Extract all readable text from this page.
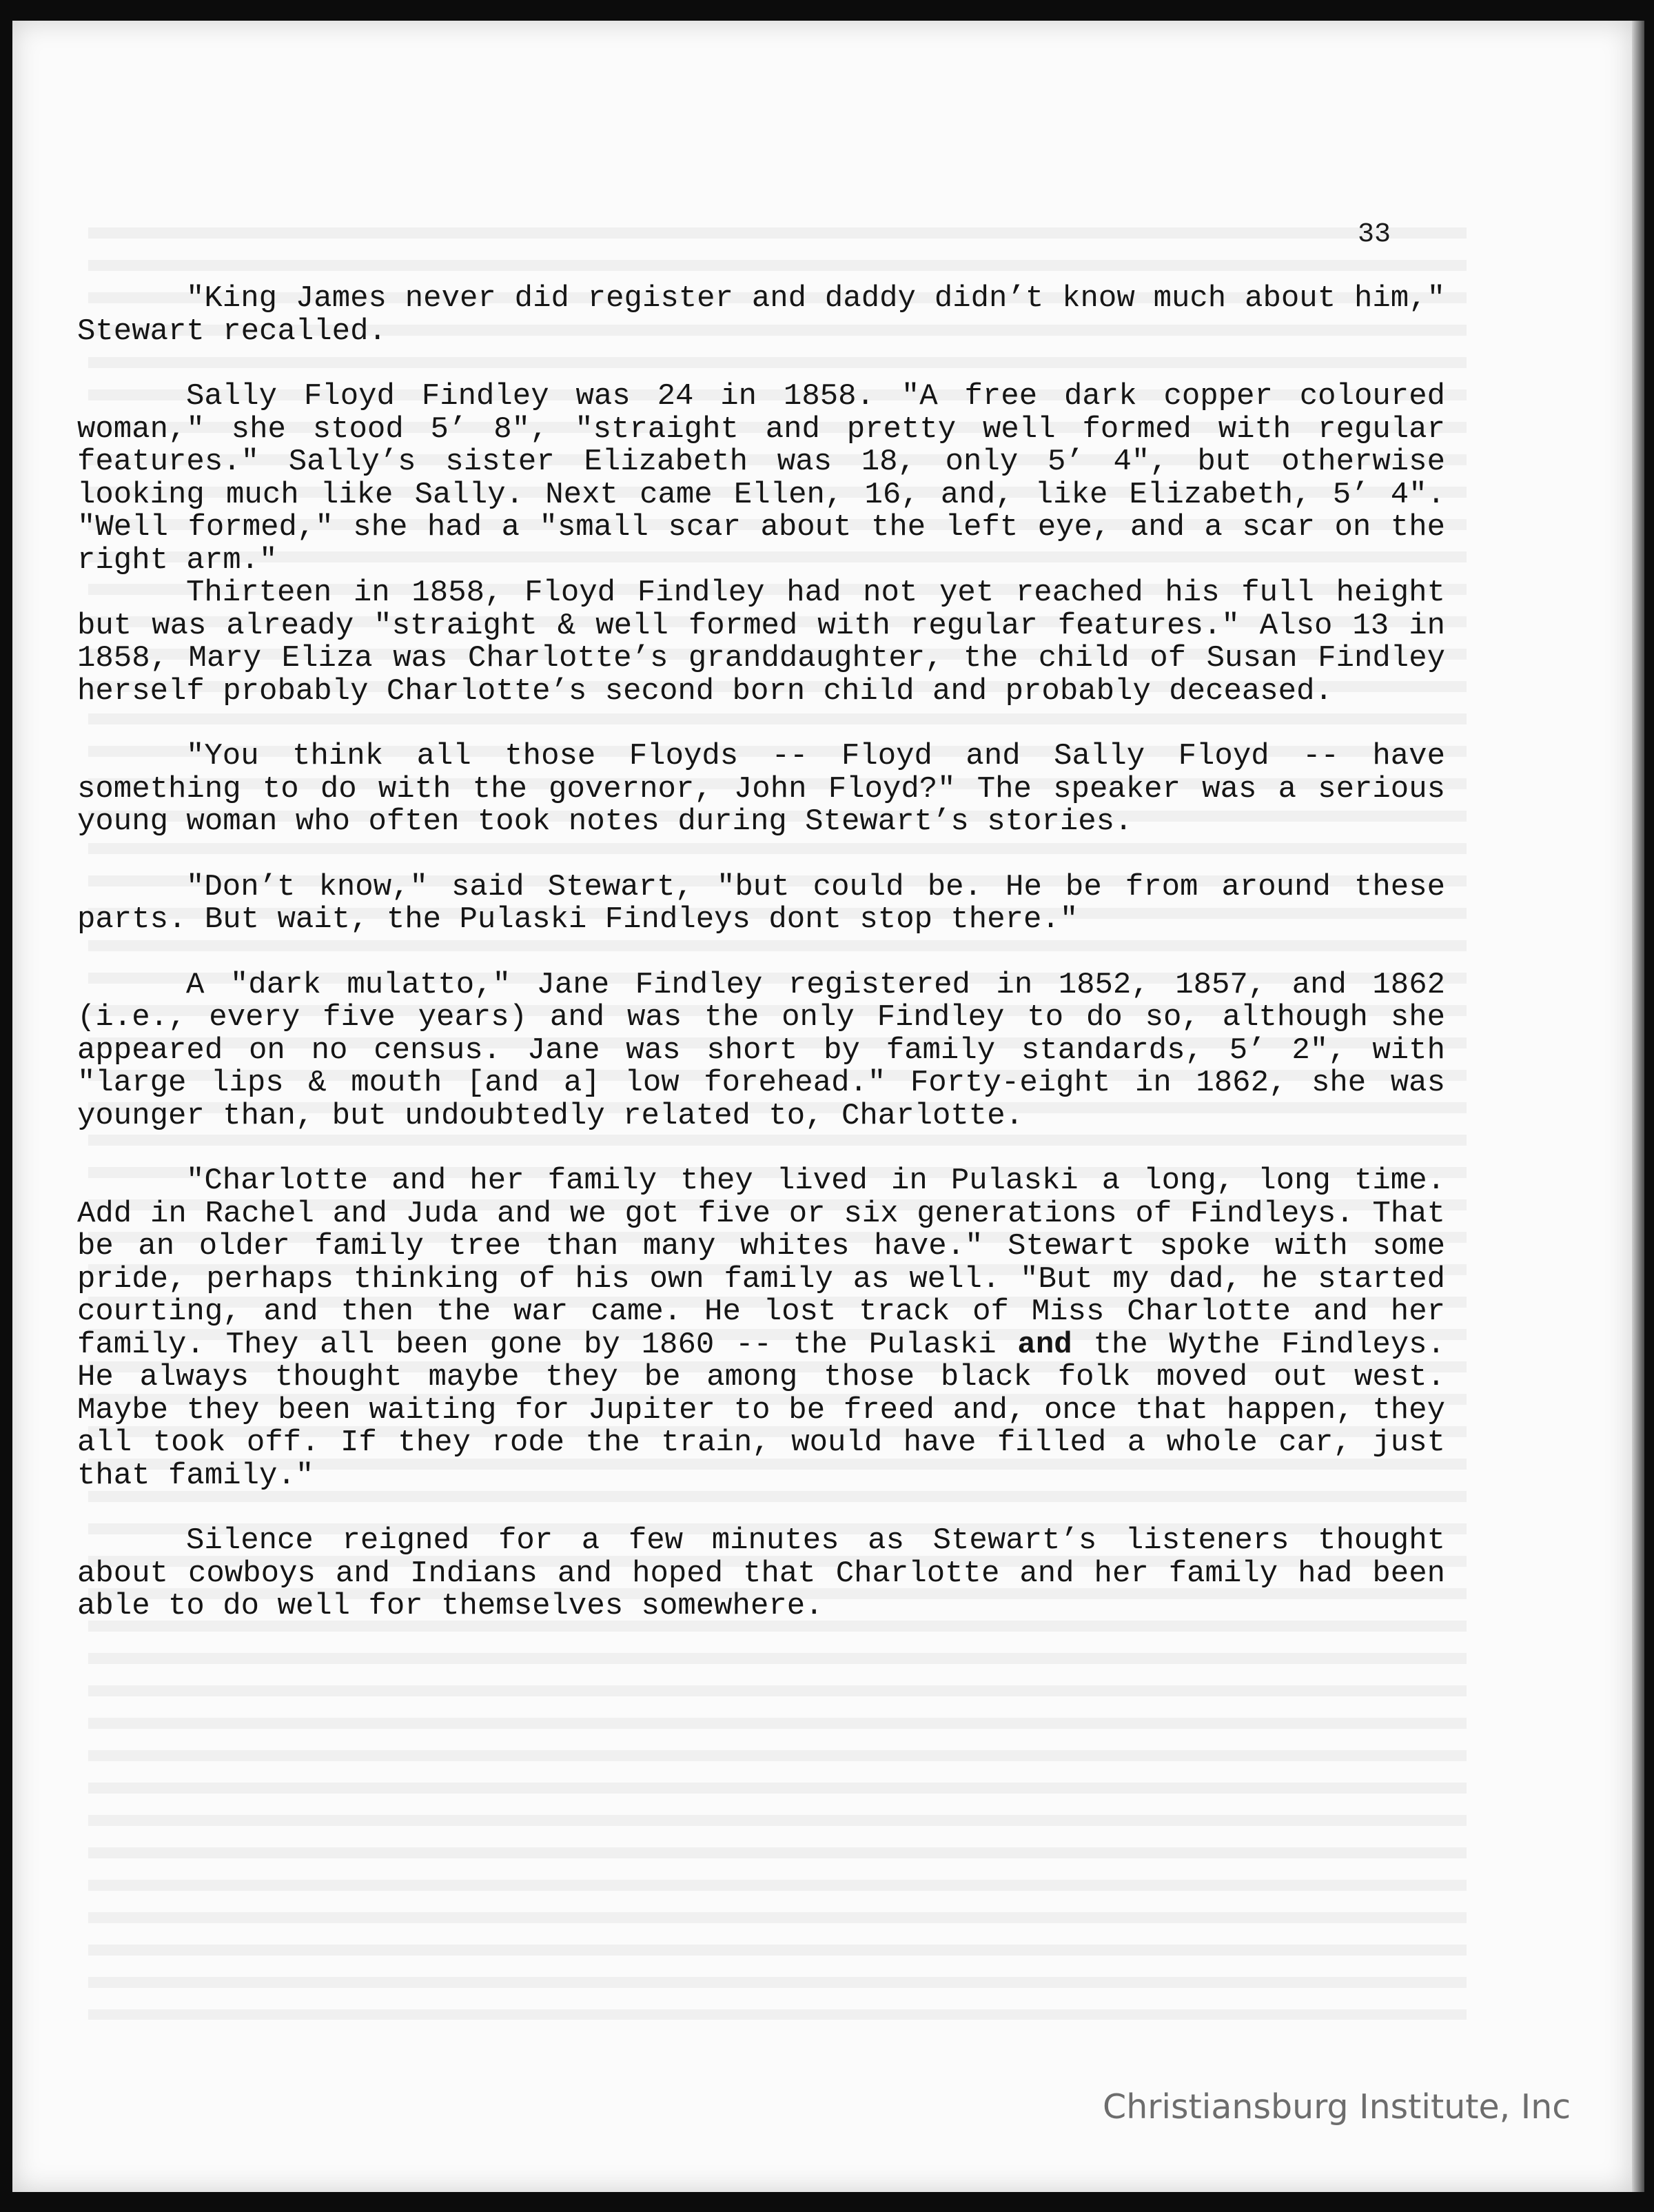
33

"King James never did register and daddy didn’t know much about him," Stewart recalled.

Sally Floyd Findley was 24 in 1858. "A free dark copper coloured woman," she stood 5’ 8", "straight and pretty well formed with regular features." Sally’s sister Elizabeth was 18, only 5’ 4", but otherwise looking much like Sally. Next came Ellen, 16, and, like Elizabeth, 5’ 4". "Well formed," she had a "small scar about the left eye, and a scar on the right arm."

Thirteen in 1858, Floyd Findley had not yet reached his full height but was already "straight & well formed with regular features." Also 13 in 1858, Mary Eliza was Charlotte’s granddaughter, the child of Susan Findley herself probably Charlotte’s second born child and probably deceased.

"You think all those Floyds -- Floyd and Sally Floyd -- have something to do with the governor, John Floyd?" The speaker was a serious young woman who often took notes during Stewart’s stories.

"Don’t know," said Stewart, "but could be. He be from around these parts. But wait, the Pulaski Findleys dont stop there."

A "dark mulatto," Jane Findley registered in 1852, 1857, and 1862 (i.e., every five years) and was the only Findley to do so, although she appeared on no census. Jane was short by family standards, 5’ 2", with "large lips & mouth [and a] low forehead." Forty-eight in 1862, she was younger than, but undoubtedly related to, Charlotte.

"Charlotte and her family they lived in Pulaski a long, long time. Add in Rachel and Juda and we got five or six generations of Findleys. That be an older family tree than many whites have." Stewart spoke with some pride, perhaps thinking of his own family as well. "But my dad, he started courting, and then the war came. He lost track of Miss Charlotte and her family. They all been gone by 1860 -- the Pulaski and the Wythe Findleys. He always thought maybe they be among those black folk moved out west. Maybe they been waiting for Jupiter to be freed and, once that happen, they all took off. If they rode the train, would have filled a whole car, just that family."

Silence reigned for a few minutes as Stewart’s listeners thought about cowboys and Indians and hoped that Charlotte and her family had been able to do well for themselves somewhere.

Christiansburg Institute, Inc
